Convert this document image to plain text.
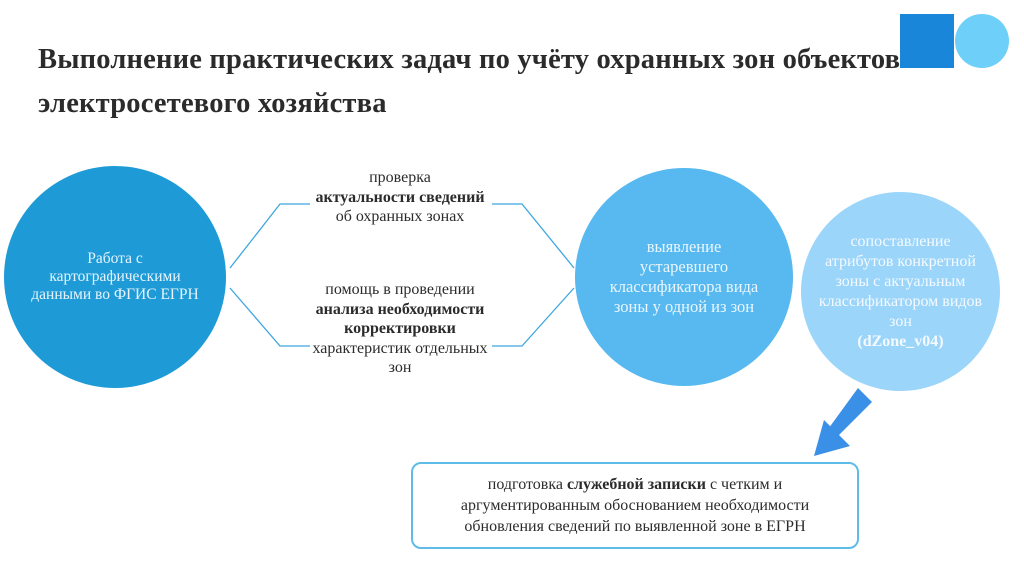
Выполнение практических задач по учёту охранных зон объектов электросетевого хозяйства
Работа с картографическими данными во ФГИС ЕГРН
проверка
актуальности сведений об охранных зонах
помощь в проведении
анализа необходимости корректировки
характеристик отдельных зон
выявление устаревшего классификатора вида зоны у одной из зон
сопоставление атрибутов конкретной зоны с актуальным классификатором видов зон
(dZone_v04)
подготовка служебной записки с четким и аргументированным обоснованием необходимости обновления сведений по выявленной зоне в ЕГРН
